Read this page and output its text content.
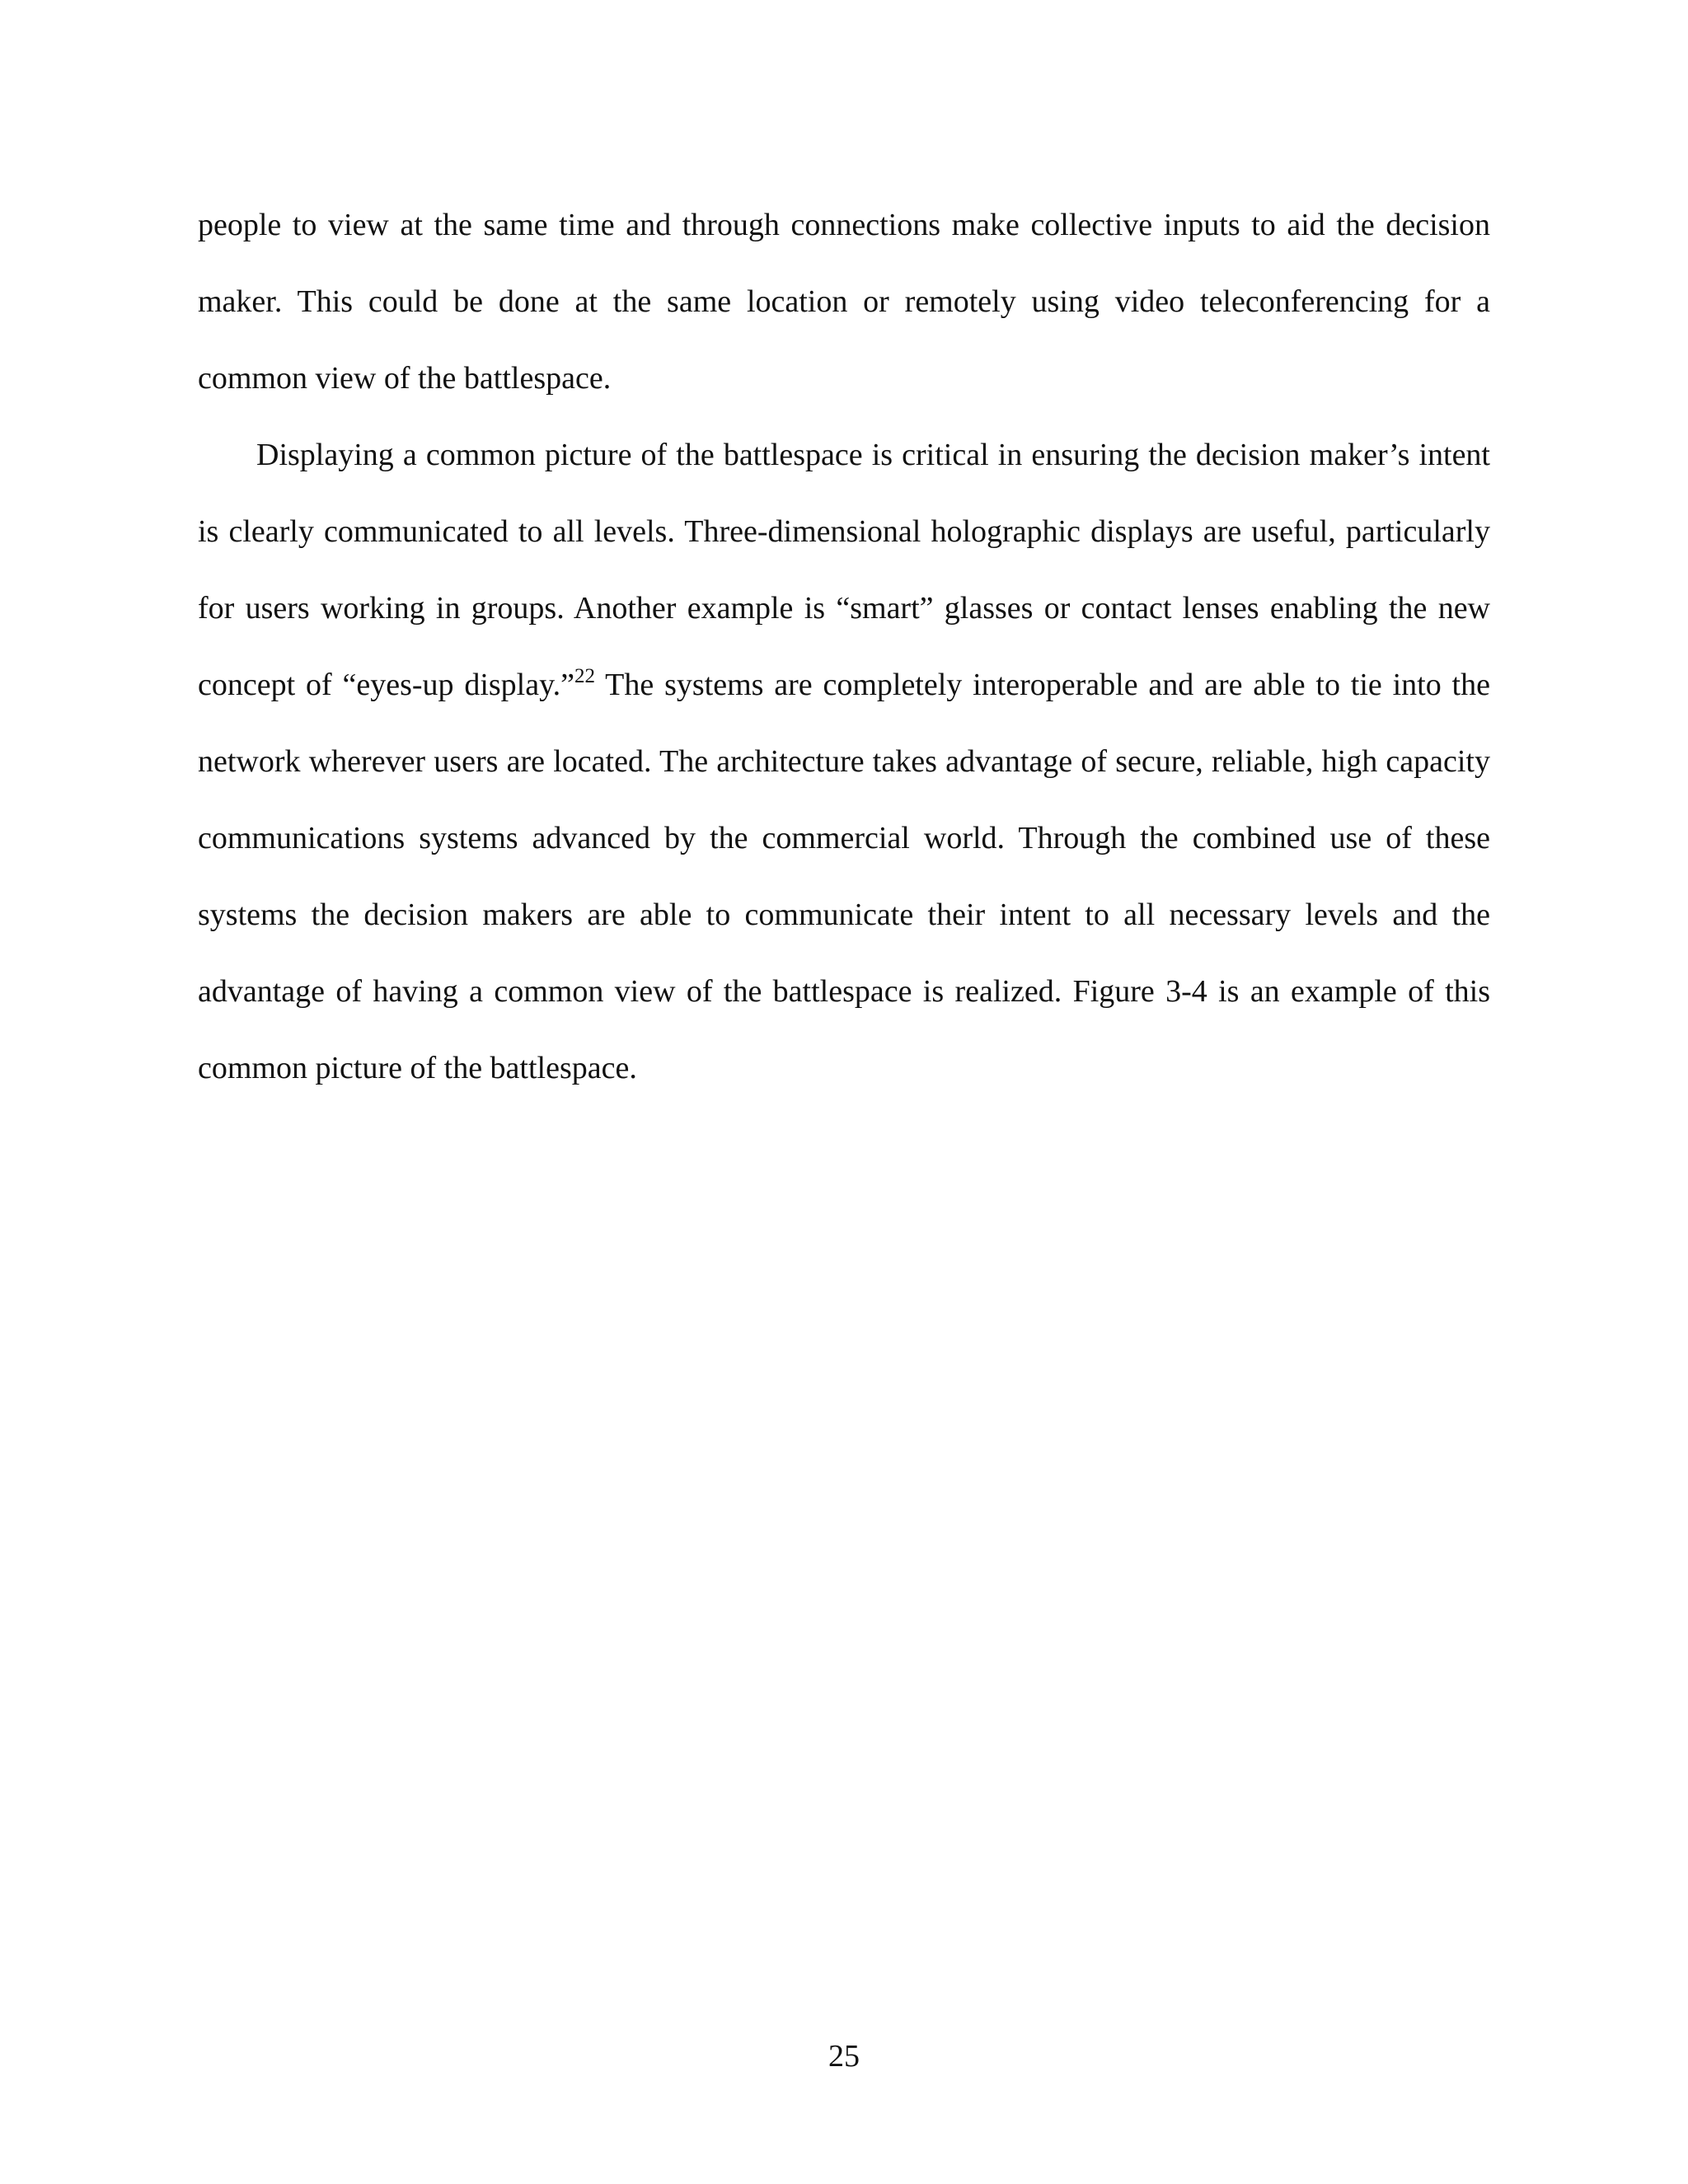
people to view at the same time and through connections make collective inputs to aid the decision maker. This could be done at the same location or remotely using video teleconferencing for a common view of the battlespace.

Displaying a common picture of the battlespace is critical in ensuring the decision maker’s intent is clearly communicated to all levels. Three-dimensional holographic displays are useful, particularly for users working in groups. Another example is “smart” glasses or contact lenses enabling the new concept of “eyes-up display.”$^{22}$ The systems are completely interoperable and are able to tie into the network wherever users are located. The architecture takes advantage of secure, reliable, high capacity communications systems advanced by the commercial world. Through the combined use of these systems the decision makers are able to communicate their intent to all necessary levels and the advantage of having a common view of the battlespace is realized. Figure 3-4 is an example of this common picture of the battlespace.

25
